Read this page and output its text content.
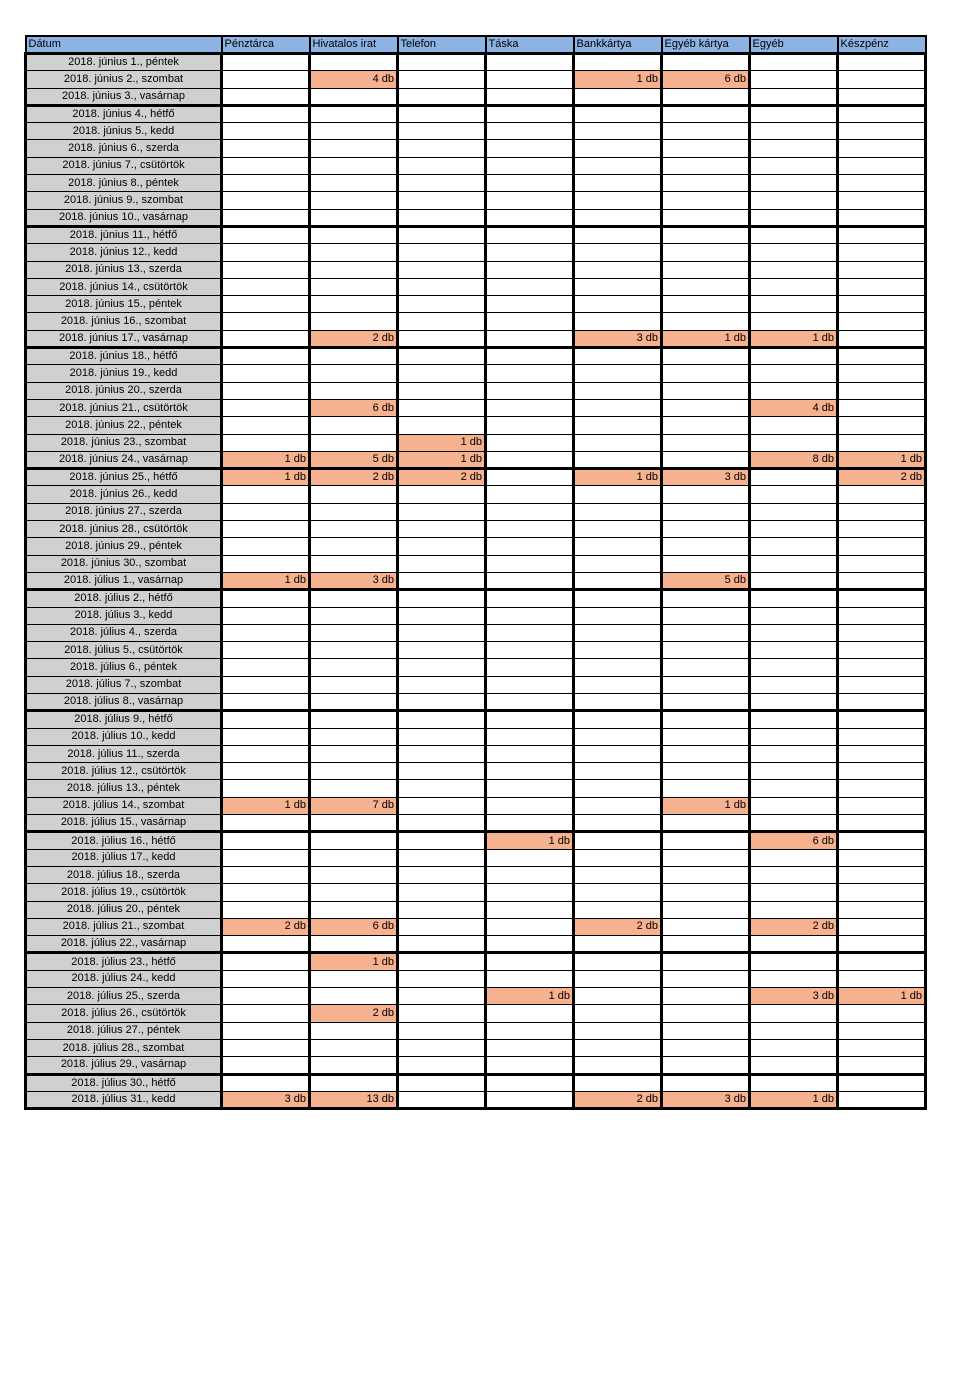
Dátum	Pénztárca	Hivatalos irat	Telefon	Táska	Bankkártya	Egyéb kártya	Egyéb	Készpénz
2018. június 1., péntek								
2018. június 2., szombat		4 db			1 db	6 db		
2018. június 3., vasárnap								
2018. június 4., hétfő								
2018. június 5., kedd								
2018. június 6., szerda								
2018. június 7., csütörtök								
2018. június 8., péntek								
2018. június 9., szombat								
2018. június 10., vasárnap								
2018. június 11., hétfő								
2018. június 12., kedd								
2018. június 13., szerda								
2018. június 14., csütörtök								
2018. június 15., péntek								
2018. június 16., szombat								
2018. június 17., vasárnap		2 db			3 db	1 db	1 db	
2018. június 18., hétfő								
2018. június 19., kedd								
2018. június 20., szerda								
2018. június 21., csütörtök		6 db					4 db	
2018. június 22., péntek								
2018. június 23., szombat			1 db					
2018. június 24., vasárnap	1 db	5 db	1 db				8 db	1 db
2018. június 25., hétfő	1 db	2 db	2 db		1 db	3 db		2 db
2018. június 26., kedd								
2018. június 27., szerda								
2018. június 28., csütörtök								
2018. június 29., péntek								
2018. június 30., szombat								
2018. július 1., vasárnap	1 db	3 db				5 db		
2018. július 2., hétfő								
2018. július 3., kedd								
2018. július 4., szerda								
2018. július 5., csütörtök								
2018. július 6., péntek								
2018. július 7., szombat								
2018. július 8., vasárnap								
2018. július 9., hétfő								
2018. július 10., kedd								
2018. július 11., szerda								
2018. július 12., csütörtök								
2018. július 13., péntek								
2018. július 14., szombat	1 db	7 db				1 db		
2018. július 15., vasárnap								
2018. július 16., hétfő				1 db			6 db	
2018. július 17., kedd								
2018. július 18., szerda								
2018. július 19., csütörtök								
2018. július 20., péntek								
2018. július 21., szombat	2 db	6 db			2 db		2 db	
2018. július 22., vasárnap								
2018. július 23., hétfő		1 db						
2018. július 24., kedd								
2018. július 25., szerda				1 db			3 db	1 db
2018. július 26., csütörtök		2 db						
2018. július 27., péntek								
2018. július 28., szombat								
2018. július 29., vasárnap								
2018. július 30., hétfő								
2018. július 31., kedd	3 db	13 db			2 db	3 db	1 db	
